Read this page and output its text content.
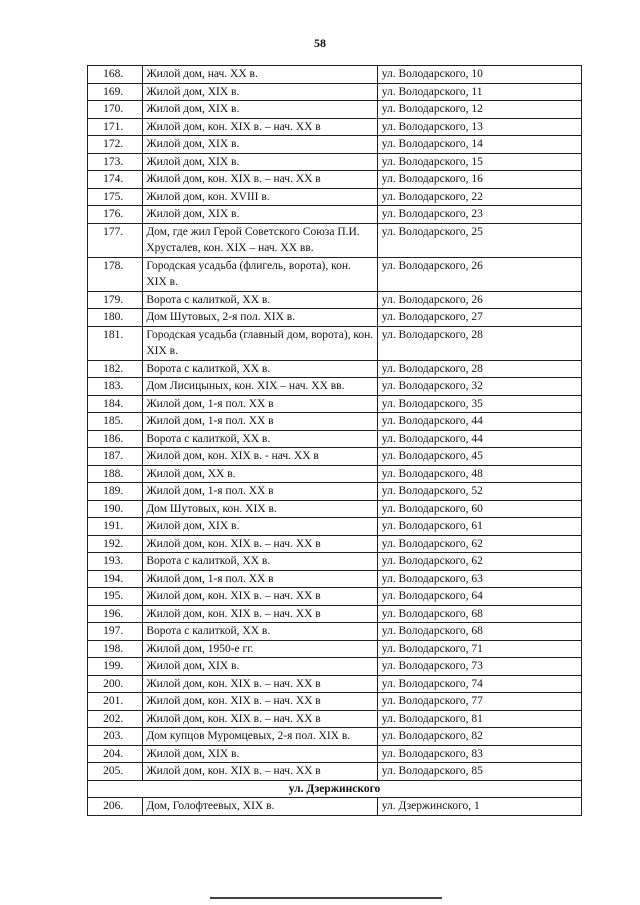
58
168.	Жилой дом, нач. XX в.	ул. Володарского, 10
169.	Жилой дом, XIX в.	ул. Володарского, 11
170.	Жилой дом, XIX в.	ул. Володарского, 12
171.	Жилой дом, кон. XIX в. – нач. XX в	ул. Володарского, 13
172.	Жилой дом, XIX в.	ул. Володарского, 14
173.	Жилой дом, XIX в.	ул. Володарского, 15
174.	Жилой дом, кон. XIX в. – нач. XX в	ул. Володарского, 16
175.	Жилой дом, кон. XVIII в.	ул. Володарского, 22
176.	Жилой дом, XIX в.	ул. Володарского, 23
177.	Дом, где жил Герой Советского Союза П.И. Хрусталев, кон. XIX – нач. XX вв.	ул. Володарского, 25
178.	Городская усадьба (флигель, ворота), кон. XIX в.	ул. Володарского, 26
179.	Ворота с калиткой, XX в.	ул. Володарского, 26
180.	Дом Шутовых, 2-я пол. XIX в.	ул. Володарского, 27
181.	Городская усадьба (главный дом, ворота), кон. XIX в.	ул. Володарского, 28
182.	Ворота с калиткой, XX в.	ул. Володарского, 28
183.	Дом Лисицыных, кон. XIX – нач. XX вв.	ул. Володарского, 32
184.	Жилой дом, 1-я пол. XX в	ул. Володарского, 35
185.	Жилой дом, 1-я пол. XX в	ул. Володарского, 44
186.	Ворота с калиткой, XX в.	ул. Володарского, 44
187.	Жилой дом, кон. XIX в. - нач. XX в	ул. Володарского, 45
188.	Жилой дом, XX в.	ул. Володарского, 48
189.	Жилой дом, 1-я пол. XX в	ул. Володарского, 52
190.	Дом Шутовых, кон. XIX в.	ул. Володарского, 60
191.	Жилой дом, XIX в.	ул. Володарского, 61
192.	Жилой дом, кон. XIX в. – нач. XX в	ул. Володарского, 62
193.	Ворота с калиткой, XX в.	ул. Володарского, 62
194.	Жилой дом, 1-я пол. XX в	ул. Володарского, 63
195.	Жилой дом, кон. XIX в. – нач. XX в	ул. Володарского, 64
196.	Жилой дом, кон. XIX в. – нач. XX в	ул. Володарского, 68
197.	Ворота с калиткой, XX в.	ул. Володарского, 68
198.	Жилой дом, 1950-е гг.	ул. Володарского, 71
199.	Жилой дом, XIX в.	ул. Володарского, 73
200.	Жилой дом, кон. XIX в. – нач. XX в	ул. Володарского, 74
201.	Жилой дом, кон. XIX в. – нач. XX в	ул. Володарского, 77
202.	Жилой дом, кон. XIX в. – нач. XX в	ул. Володарского, 81
203.	Дом купцов Муромцевых, 2-я пол. XIX в.	ул. Володарского, 82
204.	Жилой дом, XIX в.	ул. Володарского, 83
205.	Жилой дом, кон. XIX в. – нач. XX в	ул. Володарского, 85
ул. Дзержинского		
206.	Дом, Голофтеевых, XIX в.	ул. Дзержинского, 1
